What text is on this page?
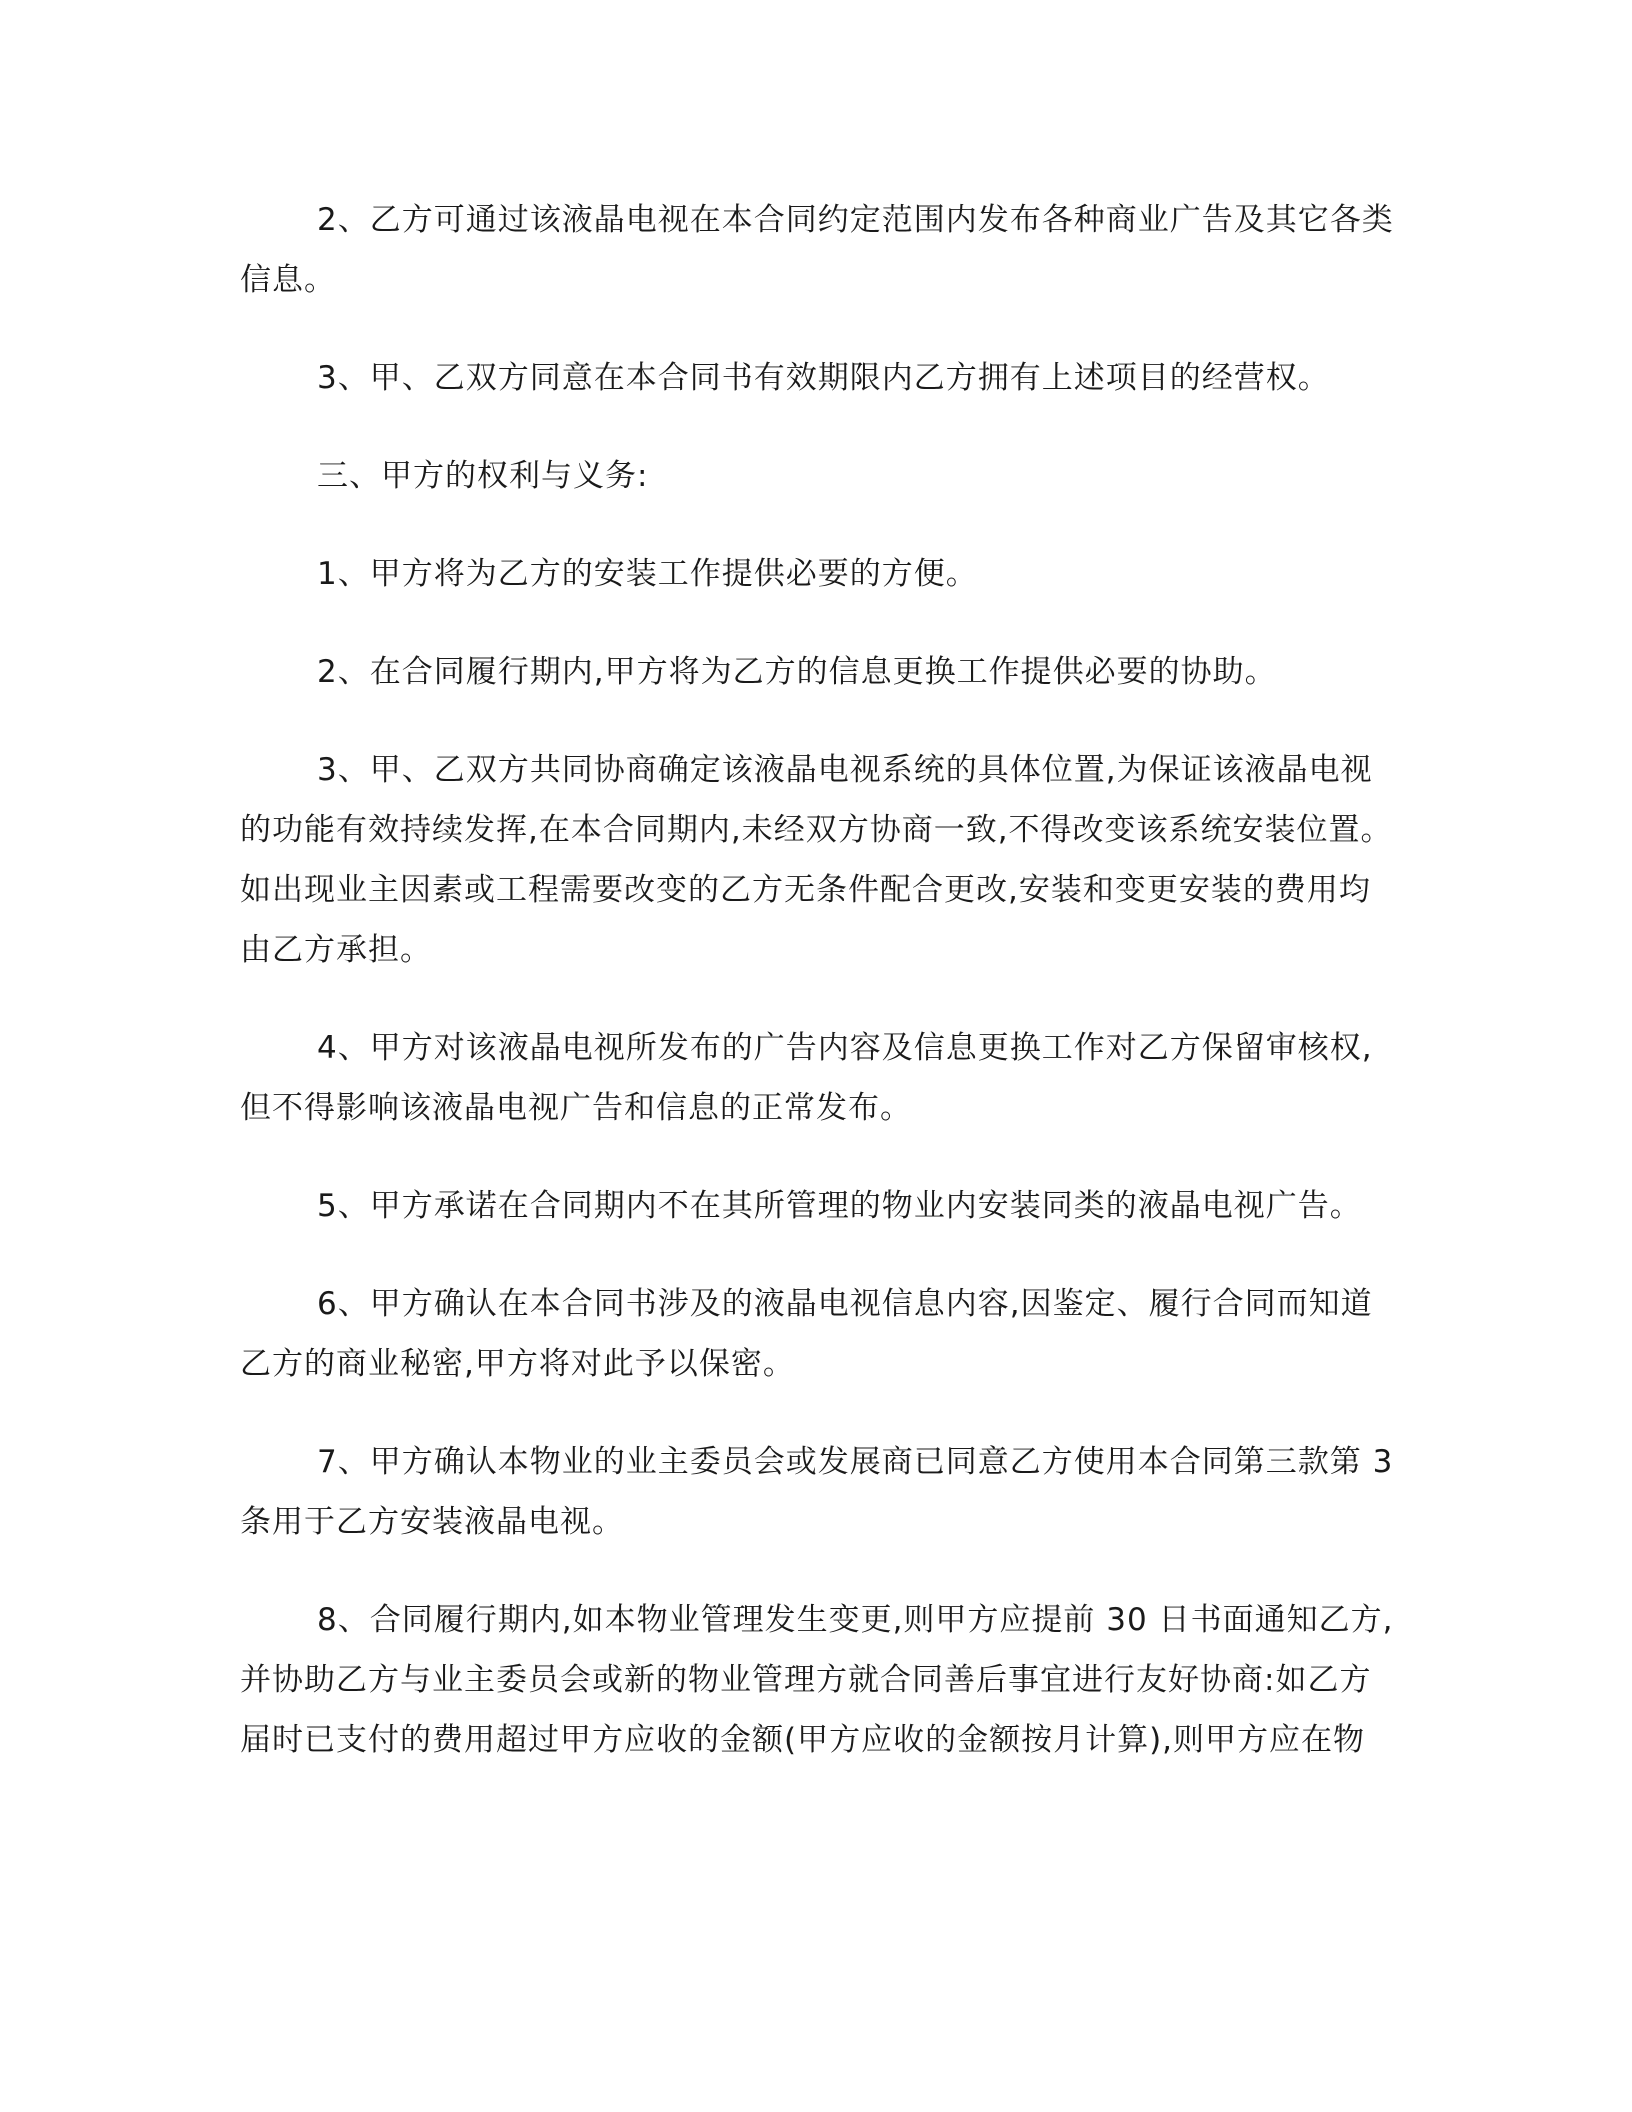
2、乙方可通过该液晶电视在本合同约定范围内发布各种商业广告及其它各类
信息。

3、甲、乙双方同意在本合同书有效期限内乙方拥有上述项目的经营权。

三、甲方的权利与义务:

1、甲方将为乙方的安装工作提供必要的方便。

2、在合同履行期内,甲方将为乙方的信息更换工作提供必要的协助。

3、甲、乙双方共同协商确定该液晶电视系统的具体位置,为保证该液晶电视
的功能有效持续发挥,在本合同期内,未经双方协商一致,不得改变该系统安装位置。
如出现业主因素或工程需要改变的乙方无条件配合更改,安装和变更安装的费用均
由乙方承担。

4、甲方对该液晶电视所发布的广告内容及信息更换工作对乙方保留审核权,
但不得影响该液晶电视广告和信息的正常发布。

5、甲方承诺在合同期内不在其所管理的物业内安装同类的液晶电视广告。

6、甲方确认在本合同书涉及的液晶电视信息内容,因鉴定、履行合同而知道
乙方的商业秘密,甲方将对此予以保密。

7、甲方确认本物业的业主委员会或发展商已同意乙方使用本合同第三款第 3
条用于乙方安装液晶电视。

8、合同履行期内,如本物业管理发生变更,则甲方应提前 30 日书面通知乙方,
并协助乙方与业主委员会或新的物业管理方就合同善后事宜进行友好协商:如乙方
届时已支付的费用超过甲方应收的金额(甲方应收的金额按月计算),则甲方应在物
